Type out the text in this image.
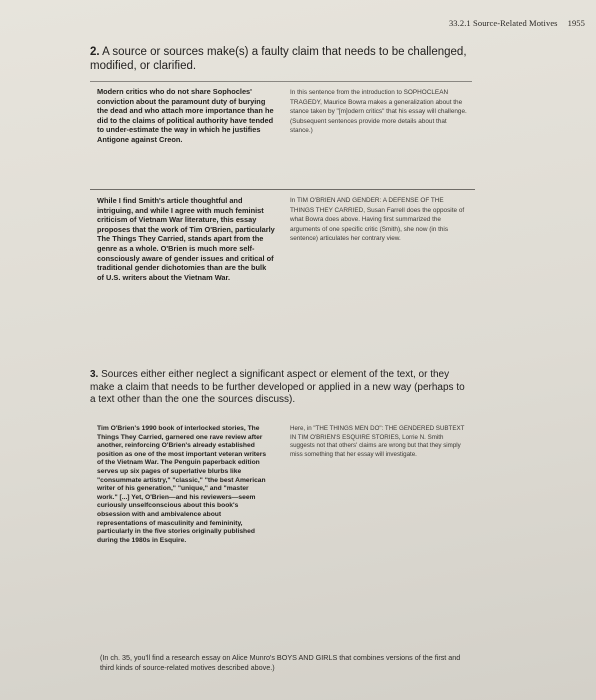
33.2.1 Source-Related Motives 1955
2. A source or sources make(s) a faulty claim that needs to be challenged, modified, or clarified.
Modern critics who do not share Sophocles' conviction about the paramount duty of burying the dead and who attach more importance than he did to the claims of political authority have tended to under-estimate the way in which he justifies Antigone against Creon.
In this sentence from the introduction to SOPHOCLEAN TRAGEDY, Maurice Bowra makes a generalization about the stance taken by "[m]odern critics" that his essay will challenge. (Subsequent sentences provide more details about that stance.)
While I find Smith's article thoughtful and intriguing, and while I agree with much feminist criticism of Vietnam War literature, this essay proposes that the work of Tim O'Brien, particularly The Things They Carried, stands apart from the genre as a whole. O'Brien is much more self-consciously aware of gender issues and critical of traditional gender dichotomies than are the bulk of U.S. writers about the Vietnam War.
In TIM O'BRIEN AND GENDER: A DEFENSE OF THE THINGS THEY CARRIED, Susan Farrell does the opposite of what Bowra does above. Having first summarized the arguments of one specific critic (Smith), she now (in this sentence) articulates her contrary view.
3. Sources either either neglect a significant aspect or element of the text, or they make a claim that needs to be further developed or applied in a new way (perhaps to a text other than the one the sources discuss).
Tim O'Brien's 1990 book of interlocked stories, The Things They Carried, garnered one rave review after another, reinforcing O'Brien's already established position as one of the most important veteran writers of the Vietnam War. The Penguin paperback edition serves up six pages of superlative blurbs like "consummate artistry," "classic," "the best American writer of his generation," "unique," and "master work." [...] Yet, O'Brien—and his reviewers—seem curiously unselfconscious about this book's obsession with and ambivalence about representations of masculinity and femininity, particularly in the five stories originally published during the 1980s in Esquire.
Here, in "THE THINGS MEN DO": THE GENDERED SUBTEXT IN TIM O'BRIEN'S ESQUIRE STORIES, Lorrie N. Smith suggests not that others' claims are wrong but that they simply miss something that her essay will investigate.
(In ch. 35, you'll find a research essay on Alice Munro's BOYS AND GIRLS that combines versions of the first and third kinds of source-related motives described above.)
